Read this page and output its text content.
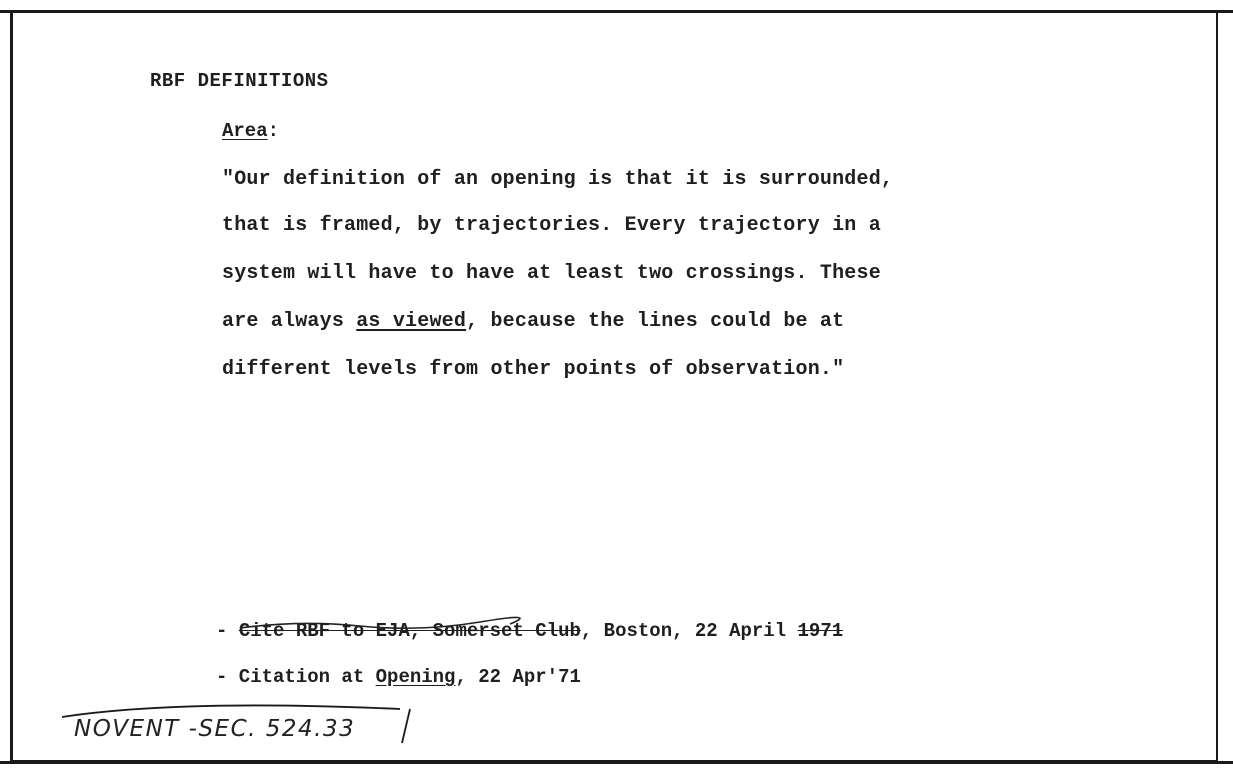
RBF DEFINITIONS
Area:
"Our definition of an opening is that it is surrounded,
that is framed, by trajectories. Every trajectory in a
system will have to have at least two crossings. These
are always as viewed, because the lines could be at
different levels from other points of observation."
- Cite RBF to EJA, Somerset Club, Boston, 22 April 1971
- Citation at Opening, 22 Apr'71
NOVENT -SEC. 524.33
